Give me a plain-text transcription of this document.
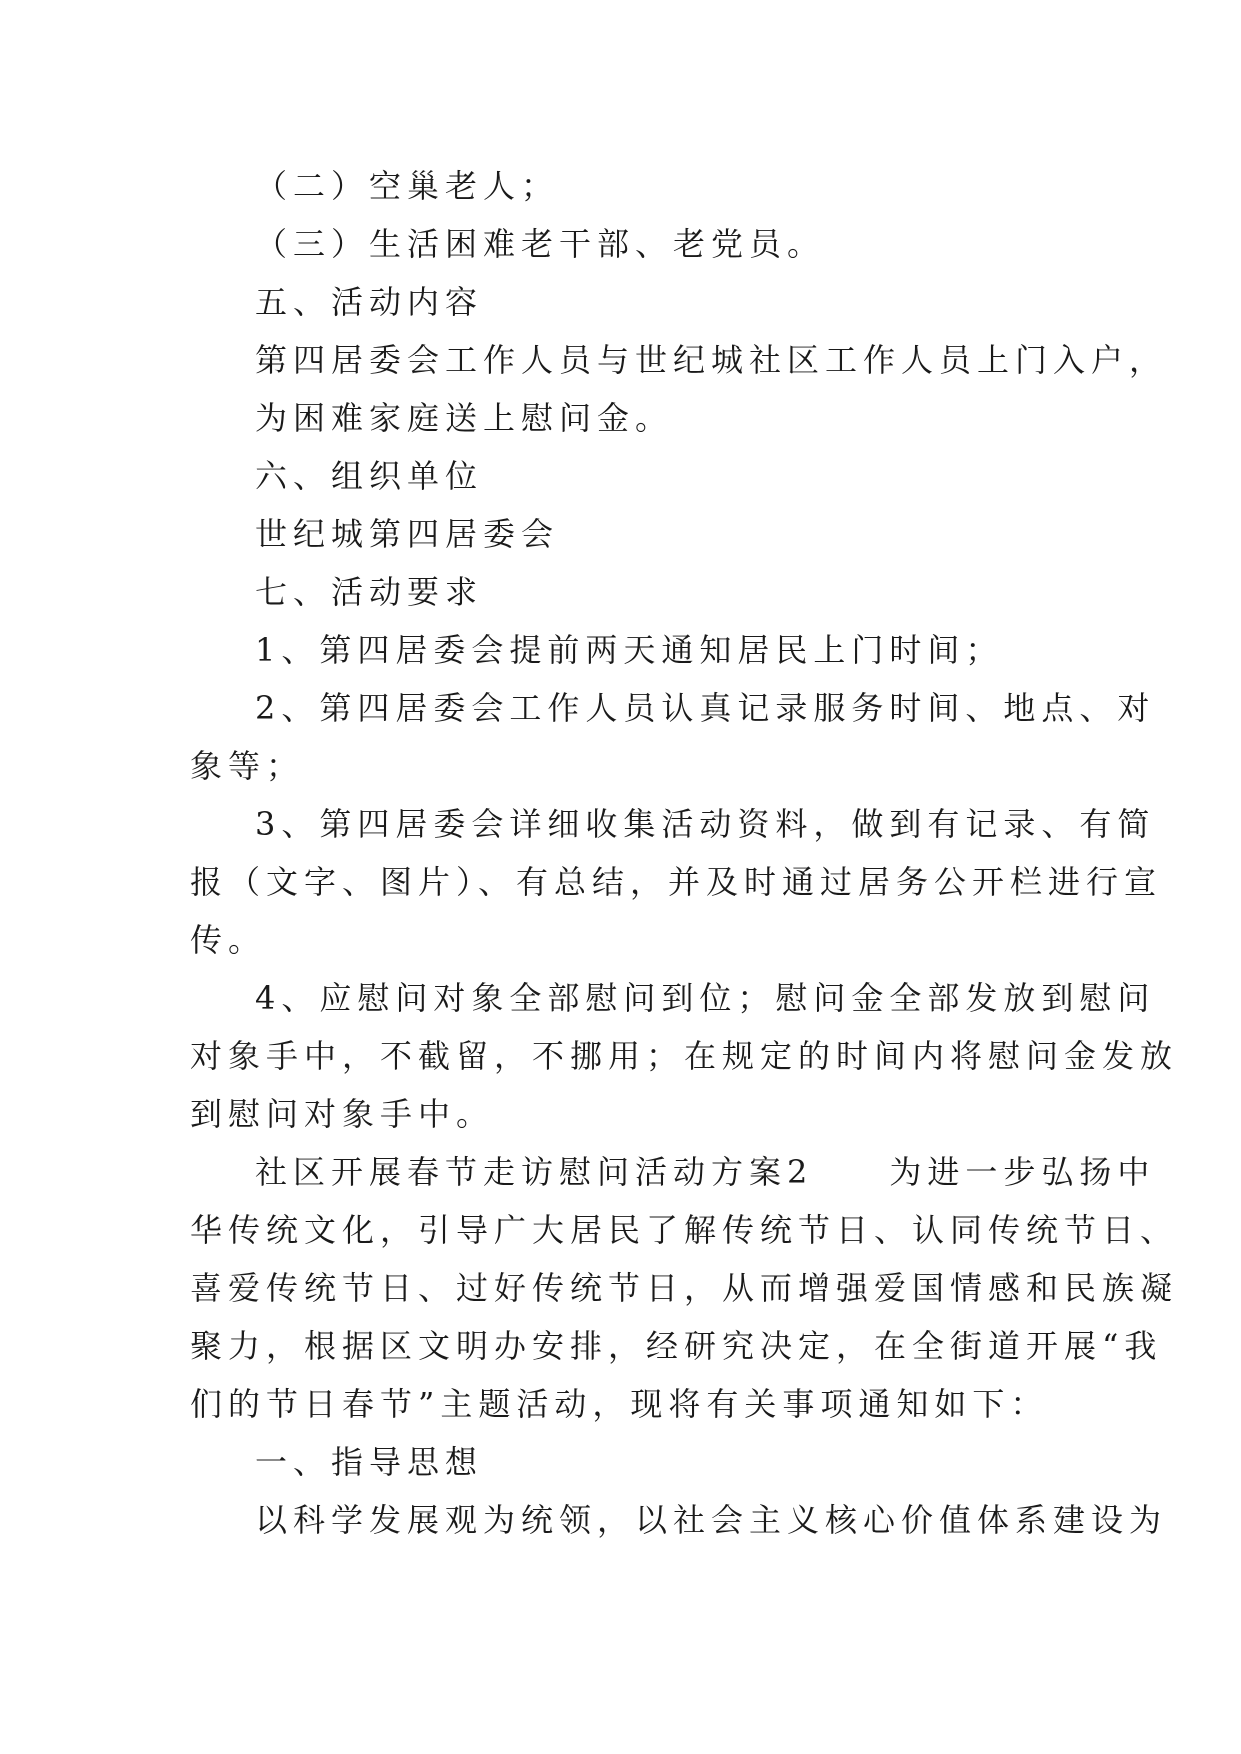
（二）空巢老人；
（三）生活困难老干部、老党员。
五、活动内容
第四居委会工作人员与世纪城社区工作人员上门入户，
为困难家庭送上慰问金。
六、组织单位
世纪城第四居委会
七、活动要求
1、第四居委会提前两天通知居民上门时间；
2、第四居委会工作人员认真记录服务时间、地点、对
象等；
3、第四居委会详细收集活动资料，做到有记录、有简
报（文字、图片）、有总结，并及时通过居务公开栏进行宣
传。
4、应慰问对象全部慰问到位；慰问金全部发放到慰问
对象手中，不截留，不挪用；在规定的时间内将慰问金发放
到慰问对象手中。
社区开展春节走访慰问活动方案2　　为进一步弘扬中
华传统文化，引导广大居民了解传统节日、认同传统节日、
喜爱传统节日、过好传统节日，从而增强爱国情感和民族凝
聚力，根据区文明办安排，经研究决定，在全街道开展“我
们的节日春节”主题活动，现将有关事项通知如下：
一、指导思想
以科学发展观为统领，以社会主义核心价值体系建设为
